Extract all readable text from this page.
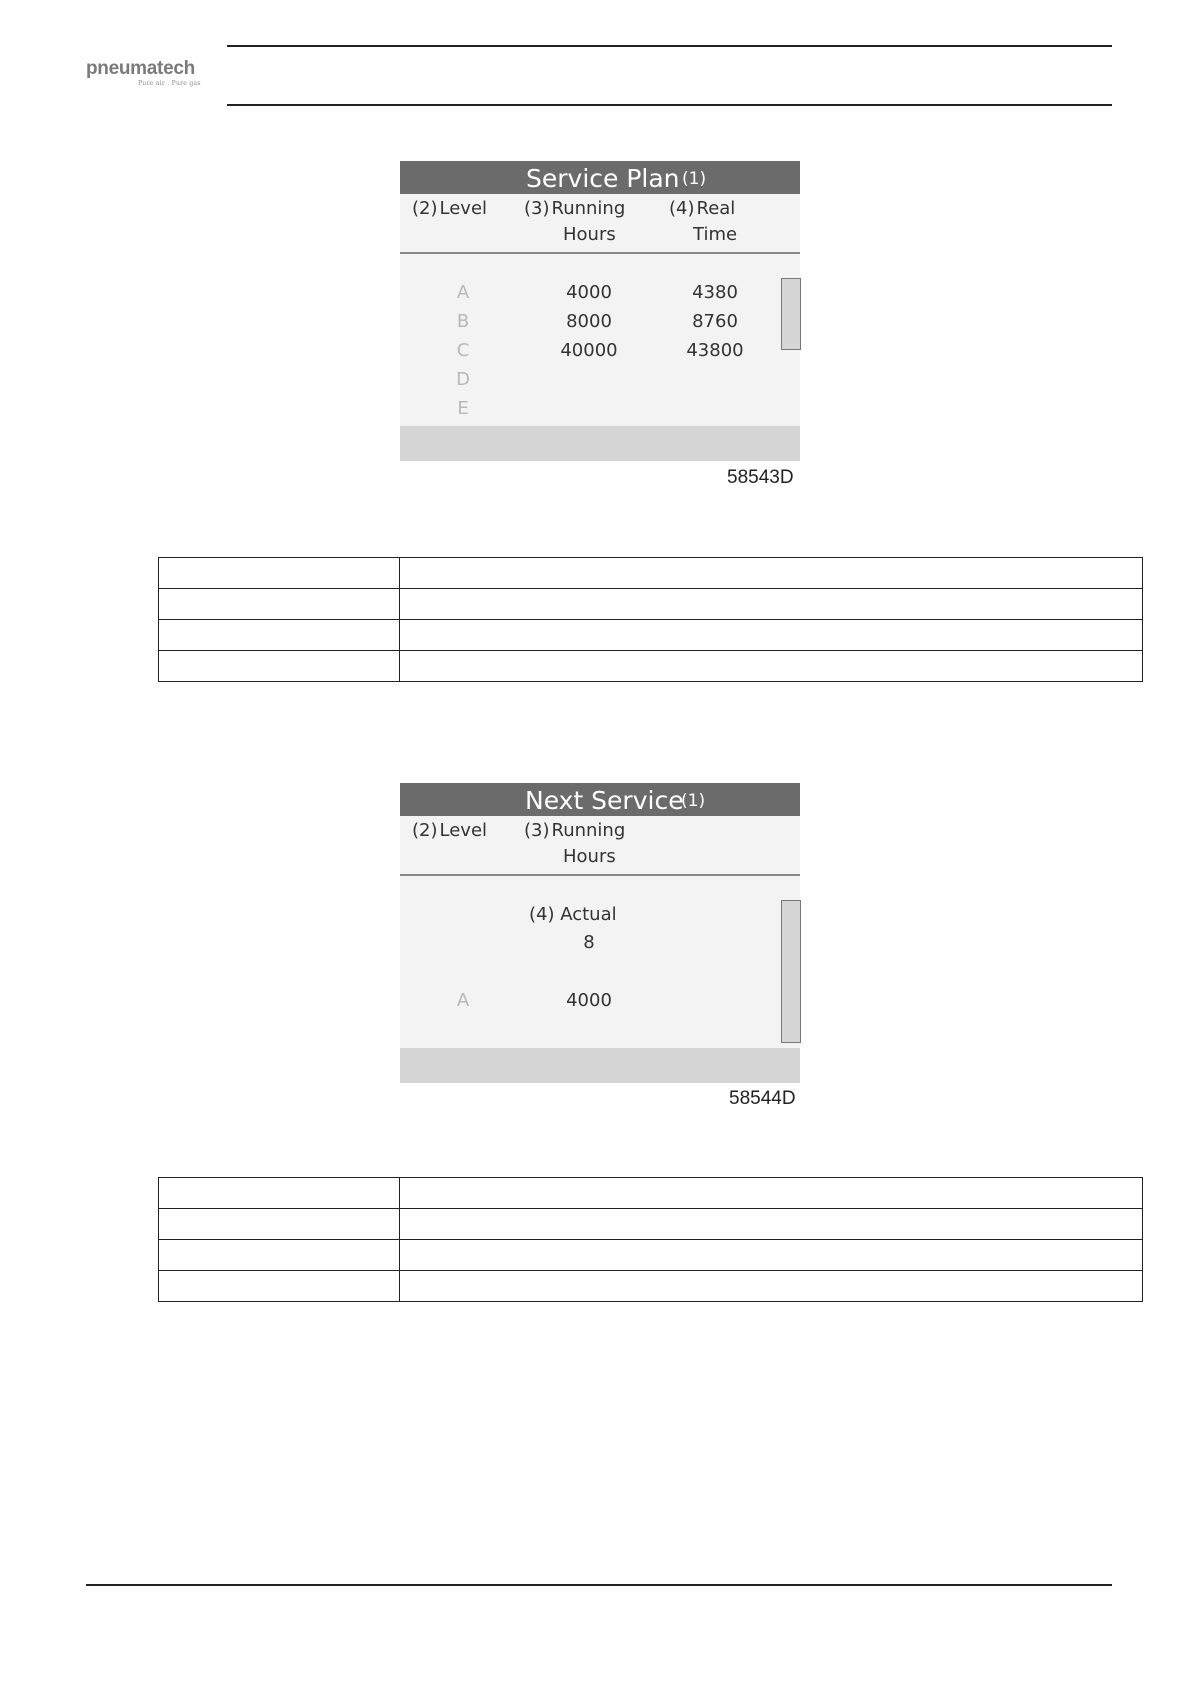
pneumatech
Pure air . Pure gas
Service Plan (1)
(2) Level (3) Running
Hours
(4) Real
Time
A	4000	4380
B	8000	8760
C	40000	43800
D
E
58543D

Next Service
(1)
(2) Level (3) Running
Hours
(4) Actual
8
A	4000
58544D
